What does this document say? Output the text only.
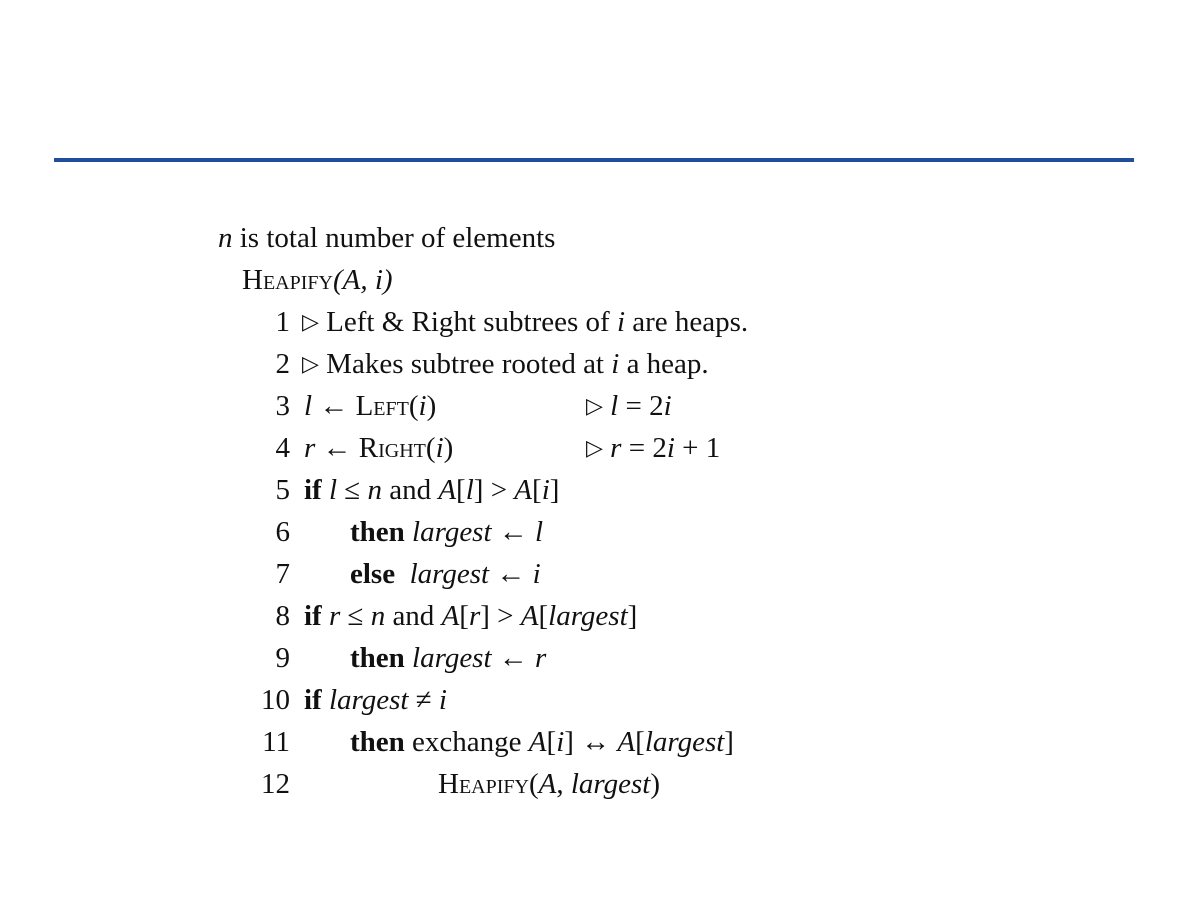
n is total number of elements
Heapify(A, i)
1 ▷ Left & Right subtrees of i are heaps.
2 ▷ Makes subtree rooted at i a heap.
3 l ← Left(i)	▷ l = 2i
4 r ← Right(i)	▷ r = 2i + 1
5 if l ≤ n and A[l] > A[i]
6 then largest ← l
7 else  largest ← i
8 if r ≤ n and A[r] > A[largest]
9 then largest ← r
10 if largest ≠ i
11 then exchange A[i] ↔ A[largest]
12	Heapify(A, largest)
